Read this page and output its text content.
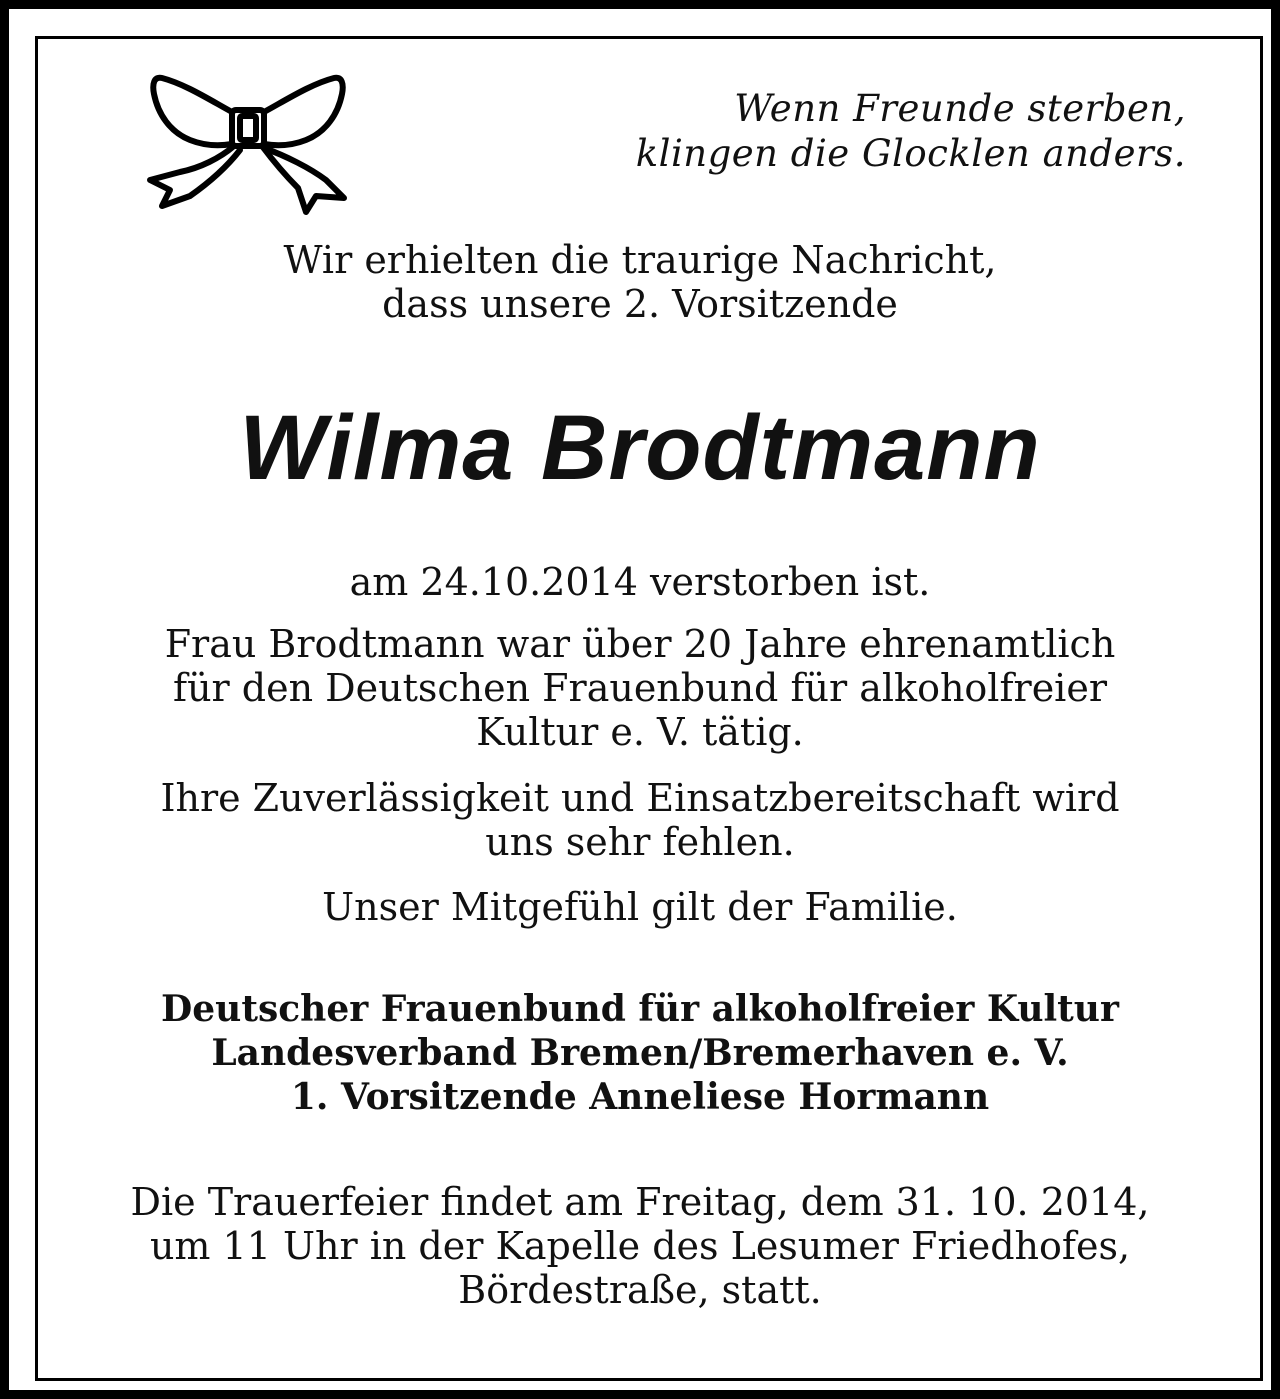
Wenn Freunde sterben,
klingen die Glocklen anders.
Wir erhielten die traurige Nachricht,
dass unsere 2. Vorsitzende
Wilma Brodtmann
am 24.10.2014 verstorben ist.
Frau Brodtmann war über 20 Jahre ehrenamtlich
für den Deutschen Frauenbund für alkoholfreier
Kultur e. V. tätig.
Ihre Zuverlässigkeit und Einsatzbereitschaft wird
uns sehr fehlen.
Unser Mitgefühl gilt der Familie.
Deutscher Frauenbund für alkoholfreier Kultur
Landesverband Bremen/Bremerhaven e. V.
1. Vorsitzende Anneliese Hormann
Die Trauerfeier findet am Freitag, dem 31. 10. 2014,
um 11 Uhr in der Kapelle des Lesumer Friedhofes,
Bördestraße, statt.
